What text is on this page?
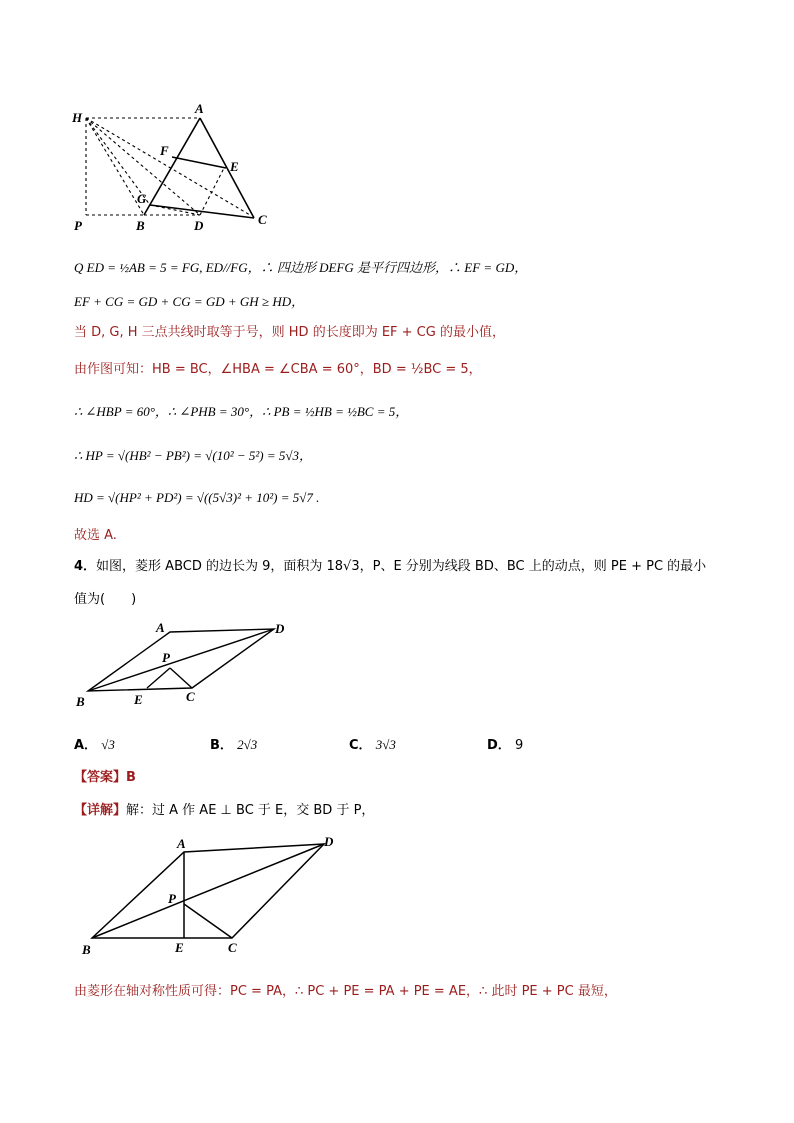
H
A
F
E
G
P	B	D	C
Q ED = ½AB = 5 = FG, ED//FG，∴ 四边形 DEFG 是平行四边形，∴ EF = GD，
EF + CG = GD + CG = GD + GH ≥ HD，
当 D, G, H 三点共线时取等于号，则 HD 的长度即为 EF + CG 的最小值，
由作图可知：HB = BC，∠HBA = ∠CBA = 60°，BD = ½BC = 5，
∴ ∠HBP = 60°，∴ ∠PHB = 30°，∴ PB = ½HB = ½BC = 5，
∴ HP = √(HB² − PB²) = √(10² − 5²) = 5√3，
HD = √(HP² + PD²) = √((5√3)² + 10²) = 5√7 .
故选 A.
4．如图，菱形 ABCD 的边长为 9，面积为 18√3，P、E 分别为线段 BD、BC 上的动点，则 PE + PC 的最小
值为(　　)
A	D
P
B	E	C
A． √3	B． 2√3	C． 3√3	D． 9
【答案】B
【详解】解：过 A 作 AE ⊥ BC 于 E，交 BD 于 P，
A	D
P
B	E	C
由菱形在轴对称性质可得：PC = PA，∴ PC + PE = PA + PE = AE，∴ 此时 PE + PC 最短，
